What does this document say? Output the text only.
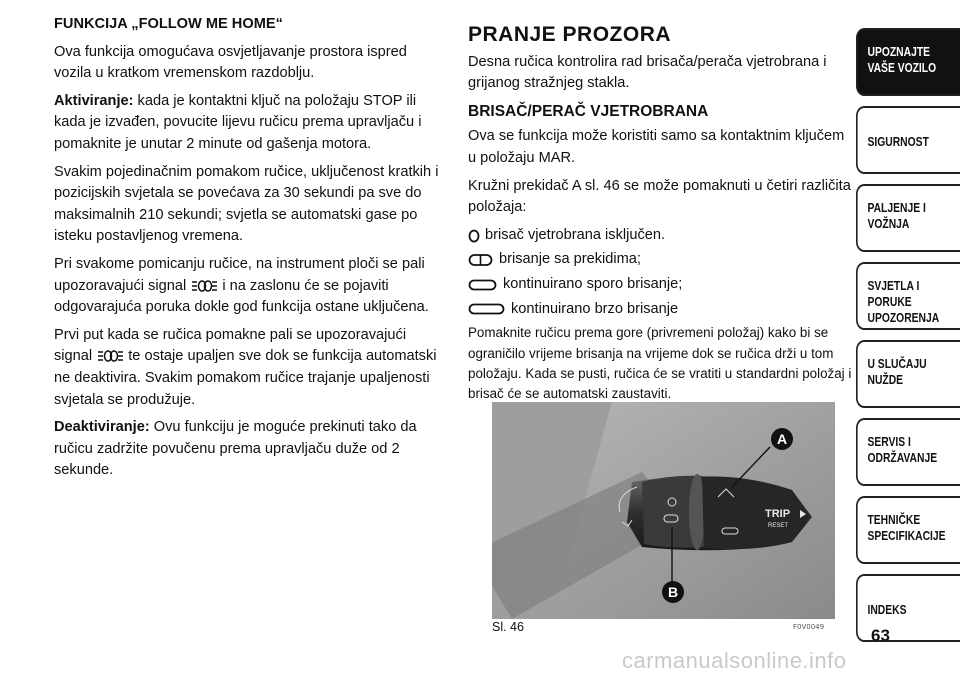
FUNKCIJA „FOLLOW ME HOME“

Ova funkcija omogućava osvjetljavanje prostora ispred vozila u kratkom vremenskom razdoblju.

Aktiviranje: kada je kontaktni ključ na položaju STOP ili kada je izvađen, povucite lijevu ručicu prema upravljaču i pomaknite je unutar 2 minute od gašenja motora.

Svakim pojedinačnim pomakom ručice, uključenost kratkih i pozicijskih svjetala se povećava za 30 sekundi pa sve do maksimalnih 210 sekundi; svjetla se automatski gase po isteku postavljenog vremena.

Pri svakome pomicanju ručice, na instrument ploči se pali upozoravajući signal  i na zaslonu će se pojaviti odgovarajuća poruka dokle god funkcija ostane uključena.

Prvi put kada se ručica pomakne pali se upozoravajući signal  te ostaje upaljen sve dok se funkcija automatski ne deaktivira. Svakim pomakom ručice trajanje upaljenosti svjetala se produžuje.

Deaktiviranje: Ovu funkciju je moguće prekinuti tako da ručicu zadržite povučenu prema upravljaču duže od 2 sekunde.

PRANJE PROZORA

Desna ručica kontrolira rad brisača/perača vjetrobrana i grijanog stražnjeg stakla.

BRISAČ/PERAČ VJETROBRANA

Ova se funkcija može koristiti samo sa kontaktnim ključem u položaju MAR.

Kružni prekidač A sl. 46 se može pomaknuti u četiri različita položaja:

brisač vjetrobrana isključen.
brisanje sa prekidima;
kontinuirano sporo brisanje;
kontinuirano brzo brisanje

Pomaknite ručicu prema gore (privremeni položaj) kako bi se ograničilo vrijeme brisanja na vrijeme dok se ručica drži u tom položaju. Kada se pusti, ručica će se vratiti u standardni položaj i brisač će se automatski zaustaviti.

TRIP
RESET
A
B
Sl. 46	F0V0049
UPOZNAJTE
VAŠE VOZILO
SIGURNOST
PALJENJE I
VOŽNJA
SVJETLA I PORUKE
UPOZORENJA
U SLUČAJU
NUŽDE
SERVIS I
ODRŽAVANJE
TEHNIČKE
SPECIFIKACIJE
INDEKS
63
carmanualsonline.info
